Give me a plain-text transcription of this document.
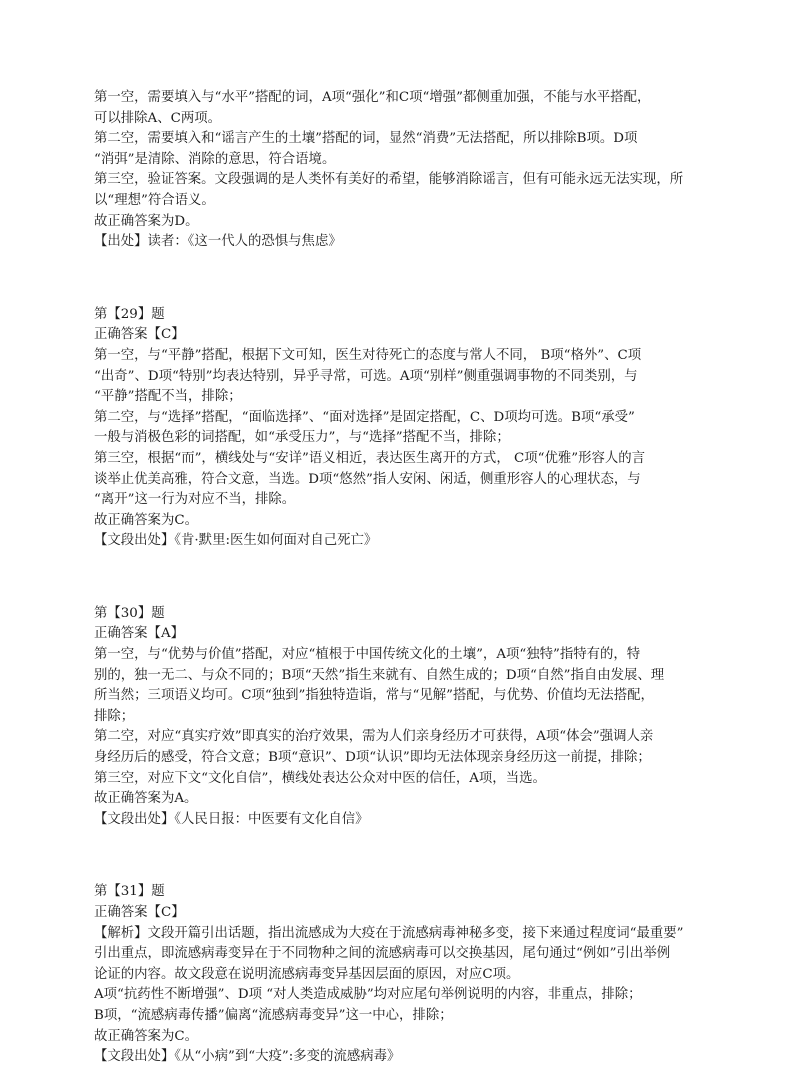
第一空，需要填入与“水平”搭配的词，A项“强化”和C项“增强”都侧重加强，不能与水平搭配，
可以排除A、C两项。
第二空，需要填入和“谣言产生的土壤”搭配的词，显然“消费”无法搭配，所以排除B项。D项
“消弭”是清除、消除的意思，符合语境。
第三空，验证答案。文段强调的是人类怀有美好的希望，能够消除谣言，但有可能永远无法实现，所
以“理想”符合语义。
故正确答案为D。
【出处】读者：《这一代人的恐惧与焦虑》
第【29】题
正确答案【C】
第一空，与“平静”搭配，根据下文可知，医生对待死亡的态度与常人不同， B项“格外”、C项
“出奇”、D项“特别”均表达特别，异乎寻常，可选。A项“别样”侧重强调事物的不同类别，与
“平静”搭配不当，排除；
第二空，与“选择”搭配，“面临选择”、“面对选择”是固定搭配，C、D项均可选。B项“承受”
一般与消极色彩的词搭配，如“承受压力”，与“选择”搭配不当，排除；
第三空，根据“而”，横线处与“安详”语义相近，表达医生离开的方式， C项“优雅”形容人的言
谈举止优美高雅，符合文意，当选。D项“悠然”指人安闲、闲适，侧重形容人的心理状态，与
“离开”这一行为对应不当，排除。
故正确答案为C。
【文段出处】《肯·默里:医生如何面对自己死亡》
第【30】题
正确答案【A】
第一空，与“优势与价值”搭配，对应“植根于中国传统文化的土壤”，A项“独特”指特有的，特
别的，独一无二、与众不同的；B项“天然”指生来就有、自然生成的；D项“自然”指自由发展、理
所当然；三项语义均可。C项“独到”指独特造诣，常与“见解”搭配，与优势、价值均无法搭配，
排除；
第二空，对应“真实疗效”即真实的治疗效果，需为人们亲身经历才可获得，A项“体会”强调人亲
身经历后的感受，符合文意；B项“意识”、D项“认识”即均无法体现亲身经历这一前提，排除；
第三空，对应下文“文化自信”，横线处表达公众对中医的信任，A项，当选。
故正确答案为A。
【文段出处】《人民日报：中医要有文化自信》
第【31】题
正确答案【C】
【解析】文段开篇引出话题，指出流感成为大疫在于流感病毒神秘多变，接下来通过程度词“最重要”
引出重点，即流感病毒变异在于不同物种之间的流感病毒可以交换基因，尾句通过“例如”引出举例
论证的内容。故文段意在说明流感病毒变异基因层面的原因，对应C项。
A项“抗药性不断增强”、D项 “对人类造成威胁”均对应尾句举例说明的内容，非重点，排除；
B项，“流感病毒传播”偏离“流感病毒变异”这一中心，排除；
故正确答案为C。
【文段出处】《从“小病”到“大疫”:多变的流感病毒》
